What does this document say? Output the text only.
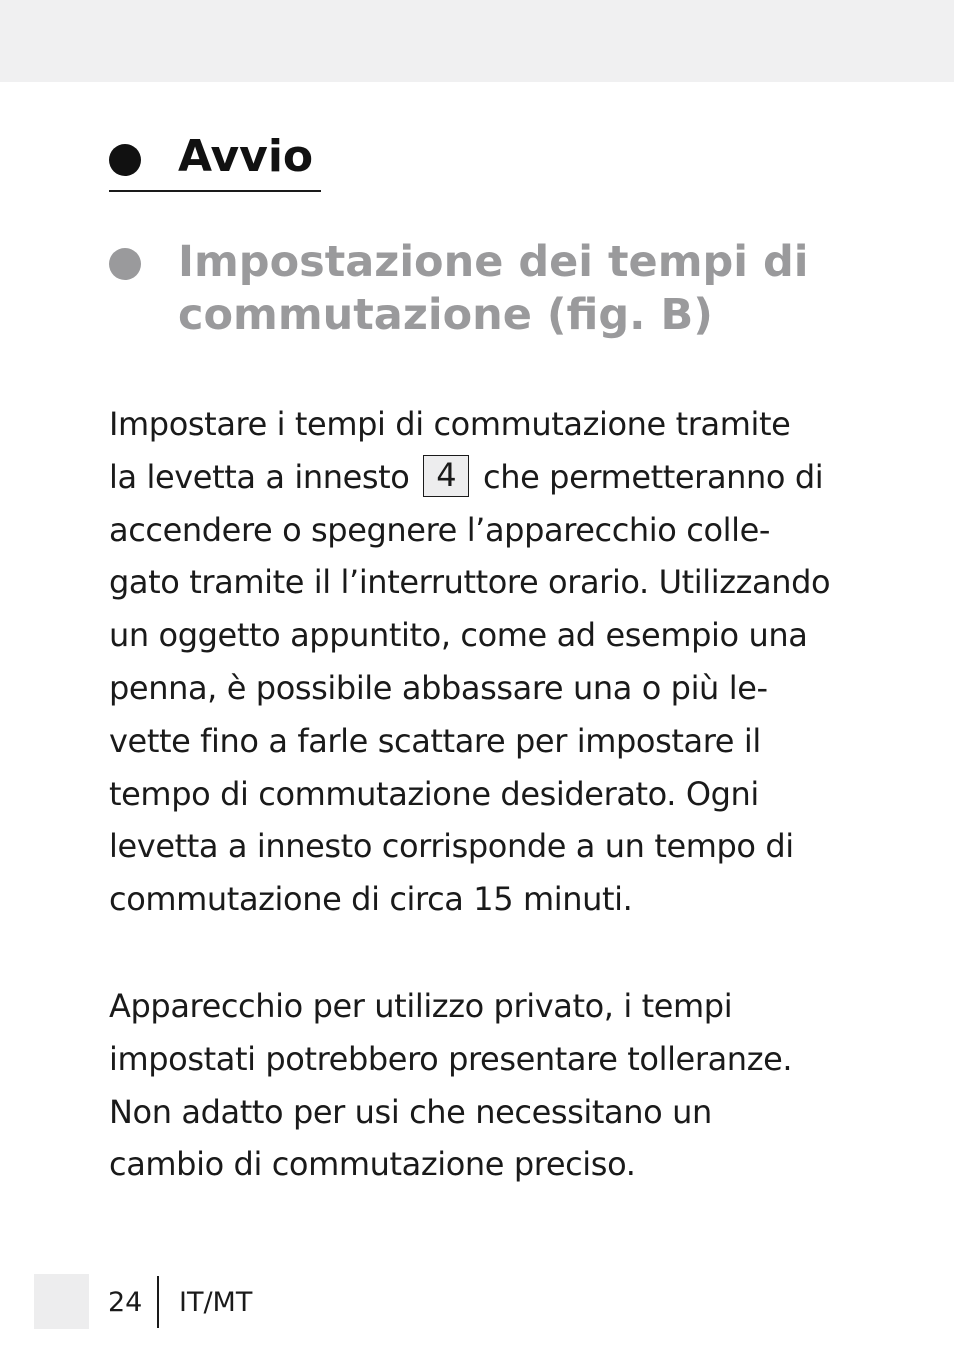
Avvio
Impostazione dei tempi di
commutazione (fig. B)
Impostare i tempi di commutazione tramite
la levetta a innesto 4 che permetteranno di
accendere o spegnere l’apparecchio colle-
gato tramite il l’interruttore orario. Utilizzando
un oggetto appuntito, come ad esempio una
penna, è possibile abbassare una o più le-
vette fino a farle scattare per impostare il
tempo di commutazione desiderato. Ogni
levetta a innesto corrisponde a un tempo di
commutazione di circa 15 minuti.
Apparecchio per utilizzo privato, i tempi
impostati potrebbero presentare tolleranze.
Non adatto per usi che necessitano un
cambio di commutazione preciso.
24 IT/MT
